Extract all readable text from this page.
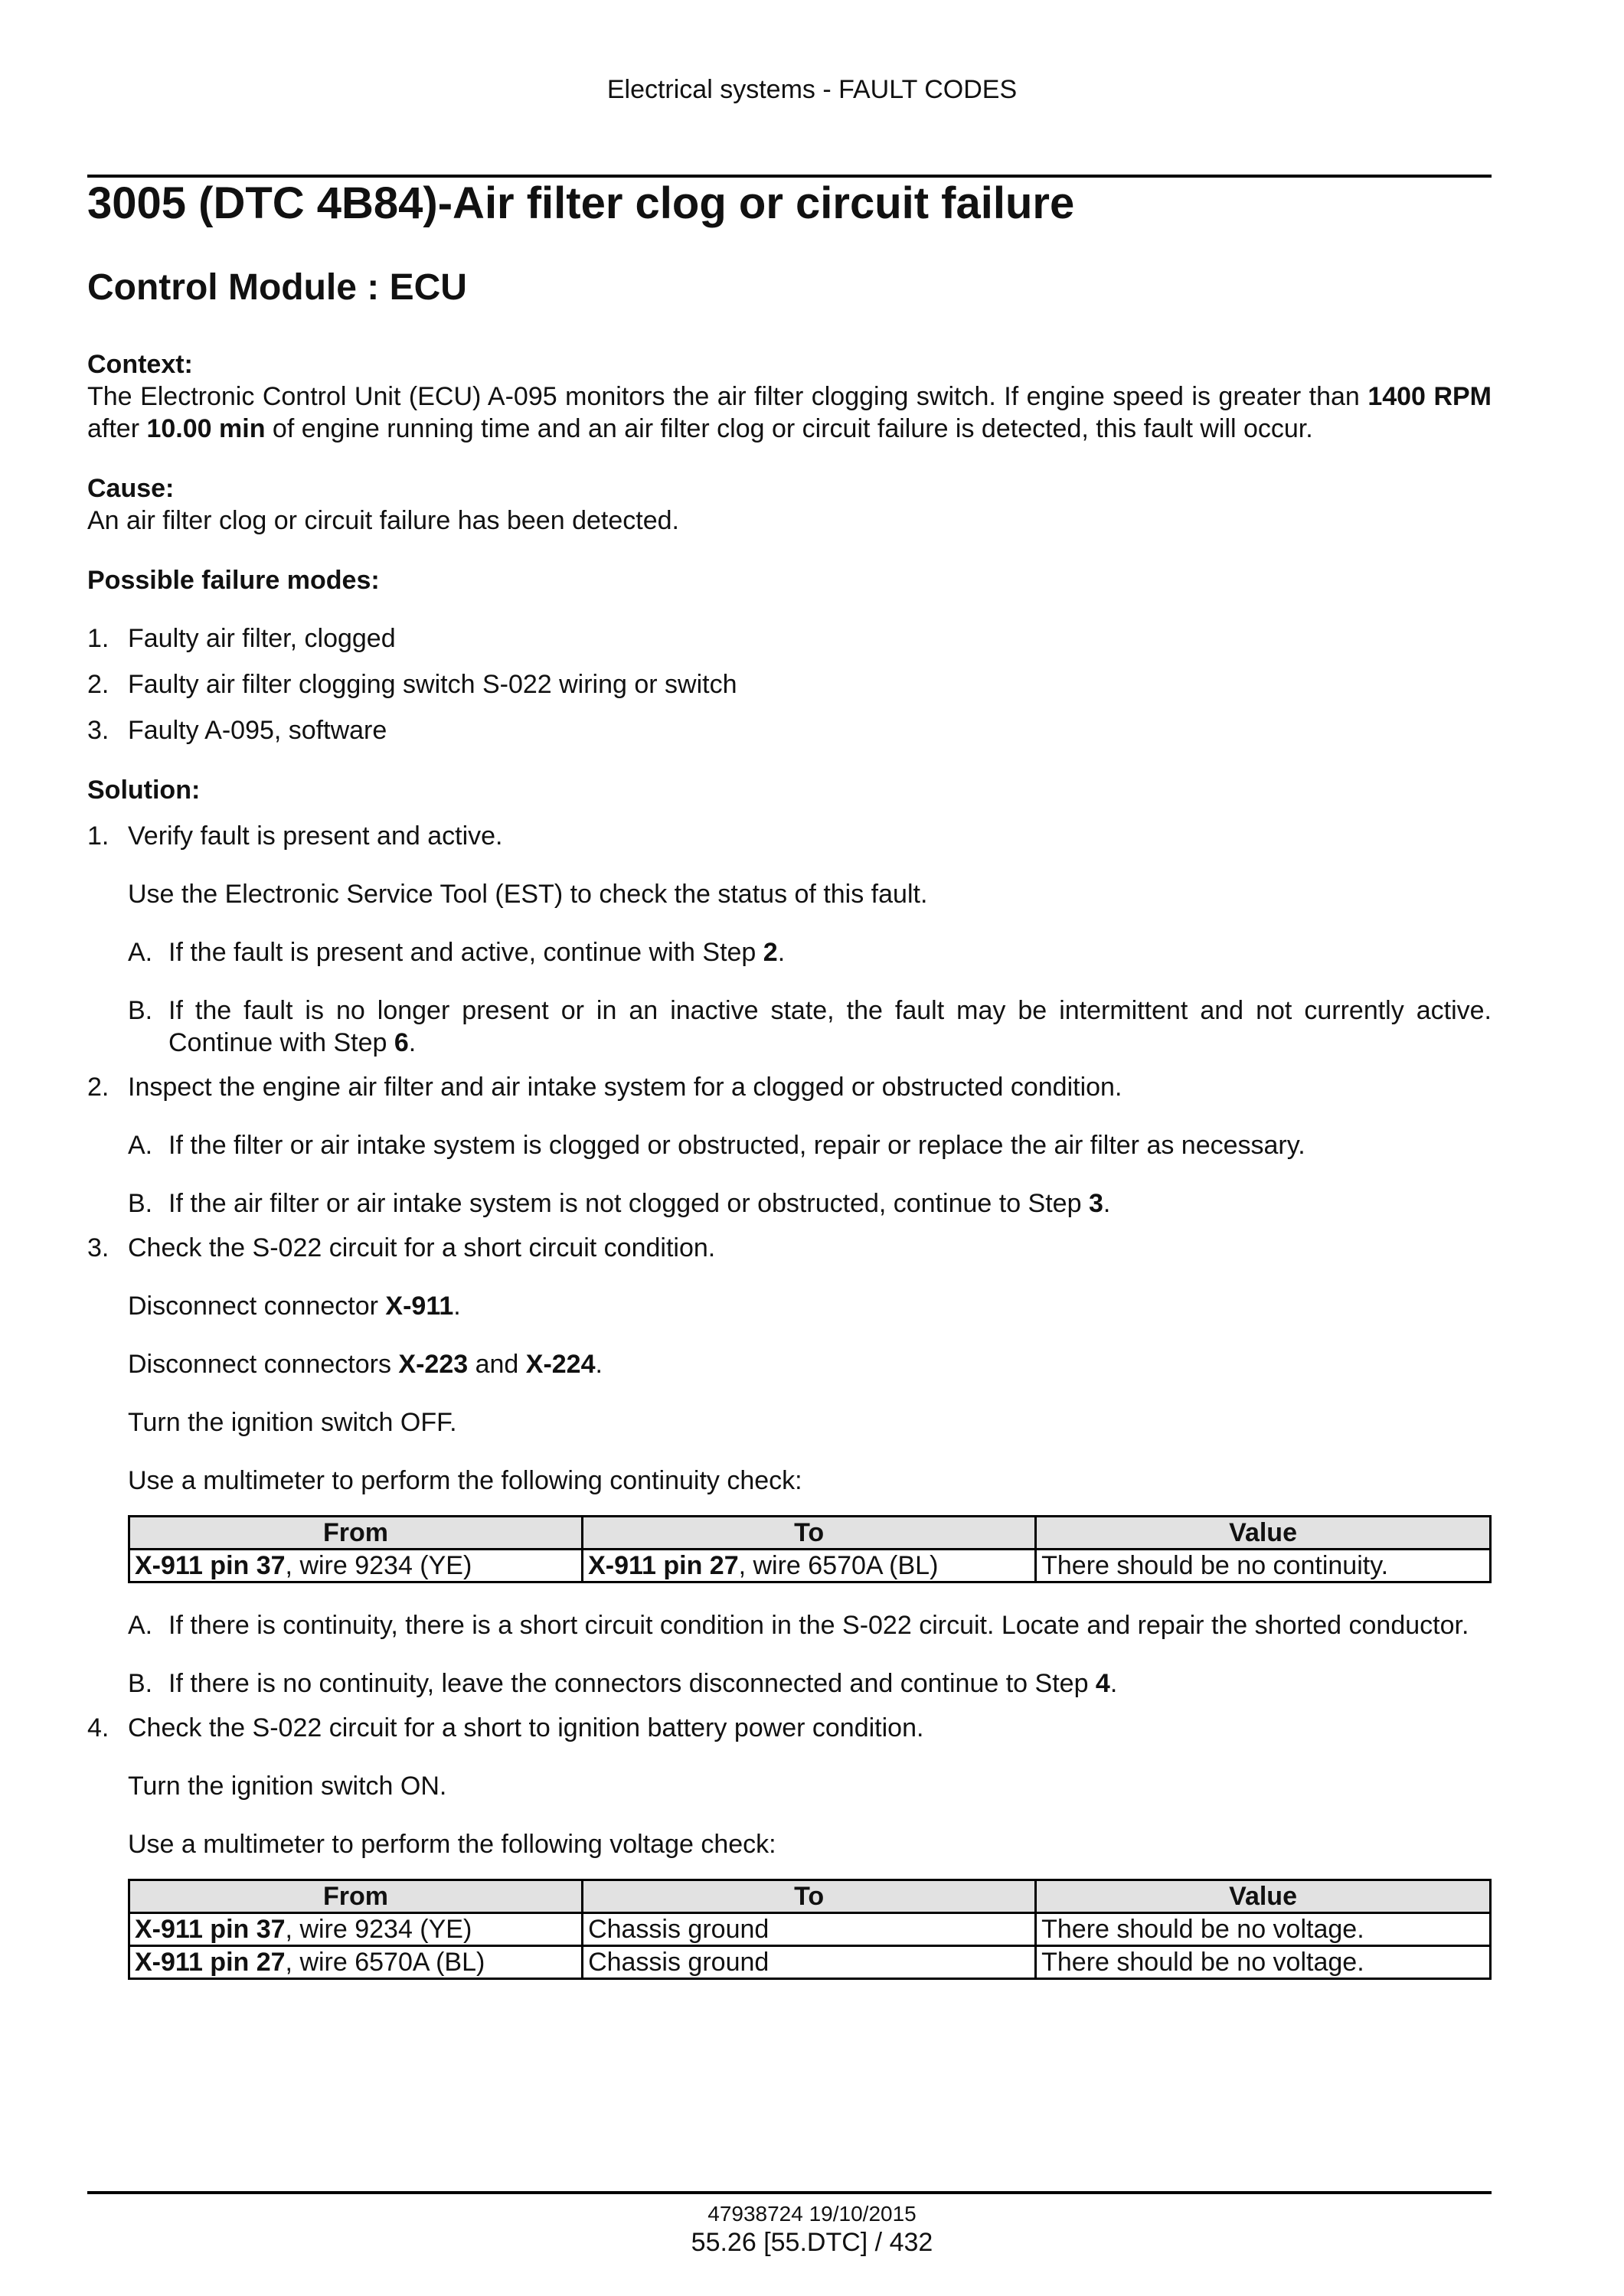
Electrical systems - FAULT CODES
3005 (DTC 4B84)-Air filter clog or circuit failure
Control Module : ECU

Context:

The Electronic Control Unit (ECU) A-095 monitors the air filter clogging switch. If engine speed is greater than 1400 RPM after 10.00 min of engine running time and an air filter clog or circuit failure is detected, this fault will occur.

Cause:

An air filter clog or circuit failure has been detected.

Possible failure modes:

1. Faulty air filter, clogged
2. Faulty air filter clogging switch S-022 wiring or switch
3. Faulty A-095, software

Solution:

1. Verify fault is present and active.

Use the Electronic Service Tool (EST) to check the status of this fault.

A. If the fault is present and active, continue with Step 2.
B. If the fault is no longer present or in an inactive state, the fault may be intermittent and not currently active. Continue with Step 6.
2. Inspect the engine air filter and air intake system for a clogged or obstructed condition.
A. If the filter or air intake system is clogged or obstructed, repair or replace the air filter as necessary.
B. If the air filter or air intake system is not clogged or obstructed, continue to Step 3.
3. Check the S-022 circuit for a short circuit condition.

Disconnect connector X-911.

Disconnect connectors X-223 and X-224.

Turn the ignition switch OFF.

Use a multimeter to perform the following continuity check:

From	To	Value
X-911 pin 37, wire 9234 (YE)	X-911 pin 27, wire 6570A (BL)	There should be no continuity.
A. If there is continuity, there is a short circuit condition in the S-022 circuit. Locate and repair the shorted conductor.
B. If there is no continuity, leave the connectors disconnected and continue to Step 4.
4. Check the S-022 circuit for a short to ignition battery power condition.

Turn the ignition switch ON.

Use a multimeter to perform the following voltage check:

From	To	Value
X-911 pin 37, wire 9234 (YE)	Chassis ground	There should be no voltage.
X-911 pin 27, wire 6570A (BL)	Chassis ground	There should be no voltage.
47938724 19/10/2015
55.26 [55.DTC] / 432
